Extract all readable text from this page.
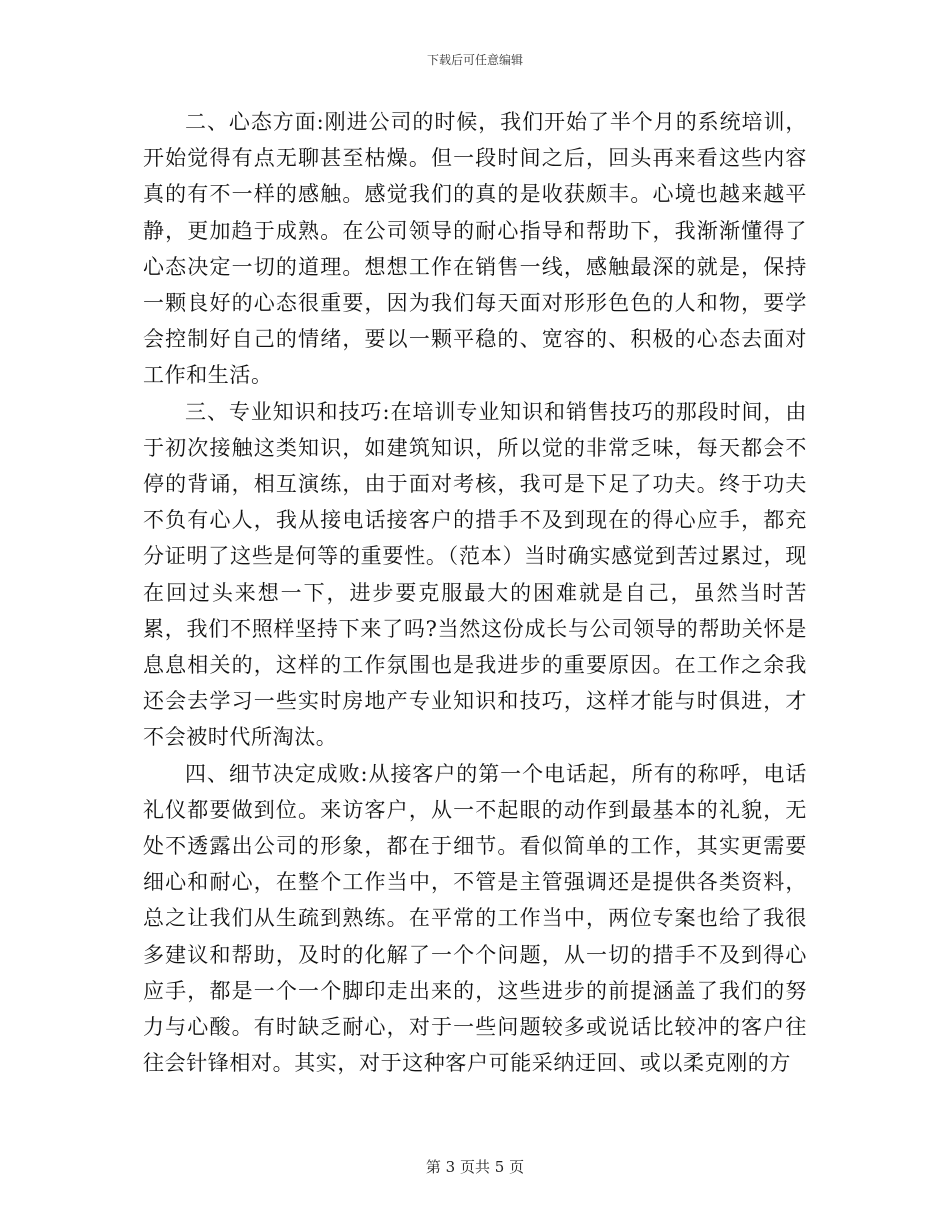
下载后可任意编辑

二、心态方面:刚进公司的时候，我们开始了半个月的系统培训，开始觉得有点无聊甚至枯燥。但一段时间之后，回头再来看这些内容真的有不一样的感触。感觉我们的真的是收获颇丰。心境也越来越平静，更加趋于成熟。在公司领导的耐心指导和帮助下，我渐渐懂得了心态决定一切的道理。想想工作在销售一线，感触最深的就是，保持一颗良好的心态很重要，因为我们每天面对形形色色的人和物，要学会控制好自己的情绪，要以一颗平稳的、宽容的、积极的心态去面对工作和生活。

三、专业知识和技巧:在培训专业知识和销售技巧的那段时间，由于初次接触这类知识，如建筑知识，所以觉的非常乏味，每天都会不停的背诵，相互演练，由于面对考核，我可是下足了功夫。终于功夫不负有心人，我从接电话接客户的措手不及到现在的得心应手，都充分证明了这些是何等的重要性。（范本）当时确实感觉到苦过累过，现在回过头来想一下，进步要克服最大的困难就是自己，虽然当时苦累，我们不照样坚持下来了吗?当然这份成长与公司领导的帮助关怀是息息相关的，这样的工作氛围也是我进步的重要原因。在工作之余我还会去学习一些实时房地产专业知识和技巧，这样才能与时俱进，才不会被时代所淘汰。

四、细节决定成败:从接客户的第一个电话起，所有的称呼，电话礼仪都要做到位。来访客户，从一不起眼的动作到最基本的礼貌，无处不透露出公司的形象，都在于细节。看似简单的工作，其实更需要细心和耐心，在整个工作当中，不管是主管强调还是提供各类资料，总之让我们从生疏到熟练。在平常的工作当中，两位专案也给了我很多建议和帮助，及时的化解了一个个问题，从一切的措手不及到得心应手，都是一个一个脚印走出来的，这些进步的前提涵盖了我们的努力与心酸。有时缺乏耐心，对于一些问题较多或说话比较冲的客户往往会针锋相对。其实，对于这种客户可能采纳迂回、或以柔克刚的方

第 3 页共 5 页
